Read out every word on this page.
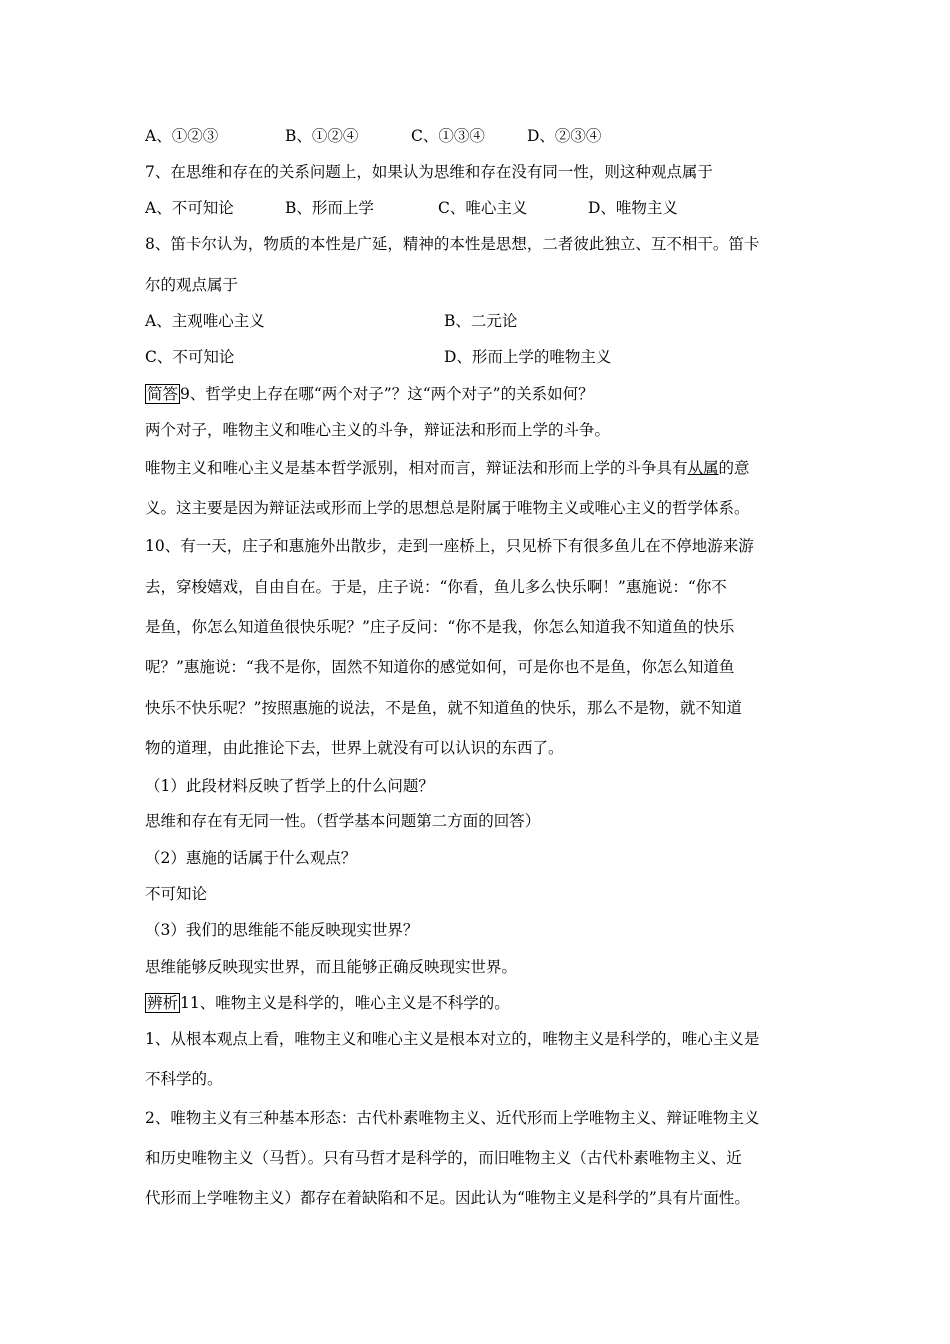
A、①②③	B、①②④	C、①③④	D、②③④
7、在思维和存在的关系问题上，如果认为思维和存在没有同一性，则这种观点属于
A、不可知论	B、形而上学	C、唯心主义	D、唯物主义
8、笛卡尔认为，物质的本性是广延，精神的本性是思想，二者彼此独立、互不相干。笛卡
尔的观点属于
A、主观唯心主义	B、二元论
C、不可知论	D、形而上学的唯物主义
简答 9、哲学史上存在哪“两个对子”？这“两个对子”的关系如何？
两个对子，唯物主义和唯心主义的斗争，辩证法和形而上学的斗争。
唯物主义和唯心主义是基本哲学派别，相对而言，辩证法和形而上学的斗争具有从属的意
义。这主要是因为辩证法或形而上学的思想总是附属于唯物主义或唯心主义的哲学体系。
10、有一天，庄子和惠施外出散步，走到一座桥上，只见桥下有很多鱼儿在不停地游来游
去，穿梭嬉戏，自由自在。于是，庄子说：“你看，鱼儿多么快乐啊！”惠施说：“你不
是鱼，你怎么知道鱼很快乐呢？”庄子反问：“你不是我，你怎么知道我不知道鱼的快乐
呢？”惠施说：“我不是你，固然不知道你的感觉如何，可是你也不是鱼，你怎么知道鱼
快乐不快乐呢？”按照惠施的说法，不是鱼，就不知道鱼的快乐，那么不是物，就不知道
物的道理，由此推论下去，世界上就没有可以认识的东西了。
（1）此段材料反映了哲学上的什么问题？
思维和存在有无同一性。（哲学基本问题第二方面的回答）
（2）惠施的话属于什么观点？
不可知论
（3）我们的思维能不能反映现实世界？
思维能够反映现实世界，而且能够正确反映现实世界。
辨析 11、唯物主义是科学的，唯心主义是不科学的。
1、从根本观点上看，唯物主义和唯心主义是根本对立的，唯物主义是科学的，唯心主义是
不科学的。
2、唯物主义有三种基本形态：古代朴素唯物主义、近代形而上学唯物主义、辩证唯物主义
和历史唯物主义（马哲）。只有马哲才是科学的，而旧唯物主义（古代朴素唯物主义、近
代形而上学唯物主义）都存在着缺陷和不足。因此认为“唯物主义是科学的”具有片面性。
